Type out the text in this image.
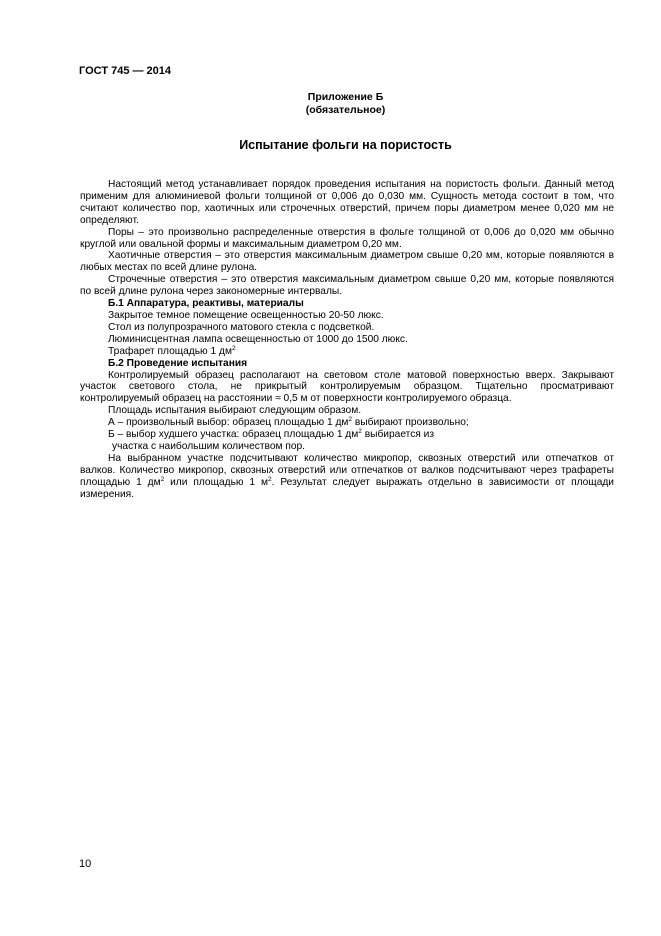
ГОСТ 745 — 2014

Приложение Б
(обязательное)
Испытание фольги на пористость

Настоящий метод устанавливает порядок проведения испытания на пористость фольги. Данный метод применим для алюминиевой фольги толщиной от 0,006 до 0,030 мм. Сущность метода состоит в том, что считают количество пор, хаотичных или строчечных отверстий, причем поры диаметром менее 0,020 мм не определяют.

Поры – это произвольно распределенные отверстия в фольге толщиной от 0,006 до 0,020 мм обычно круглой или овальной формы и максимальным диаметром 0,20 мм.

Хаотичные отверстия – это отверстия максимальным диаметром свыше 0,20 мм, которые появляются в любых местах по всей длине рулона.

Строчечные отверстия – это отверстия максимальным диаметром свыше 0,20 мм, которые появляются по всей длине рулона через закономерные интервалы.

Б.1 Аппаратура, реактивы, материалы

Закрытое темное помещение освещенностью 20-50 люкс.

Стол из полупрозрачного матового стекла с подсветкой.

Люминисцентная лампа освещенностью от 1000 до 1500 люкс.

Трафарет площадью 1 $дм^2$

Б.2 Проведение испытания

Контролируемый образец располагают на световом столе матовой поверхностью вверх. Закрывают участок светового стола, не прикрытый контролируемым образцом. Тщательно просматривают контролируемый образец на расстоянии ≈ 0,5 м от поверхности контролируемого образца.

Площадь испытания выбирают следующим образом.

А – произвольный выбор: образец площадью 1 $дм^2$ выбирают произвольно;

Б – выбор худшего участка: образец площадью 1 $дм^2$ выбирается из

участка с наибольшим количеством пор.

На выбранном участке подсчитывают количество микропор, сквозных отверстий или отпечатков от валков. Количество микропор, сквозных отверстий или отпечатков от валков подсчитывают через трафареты площадью 1 $дм^2$ или площадью 1 $м^2$. Результат следует выражать отдельно в зависимости от площади измерения.

10
